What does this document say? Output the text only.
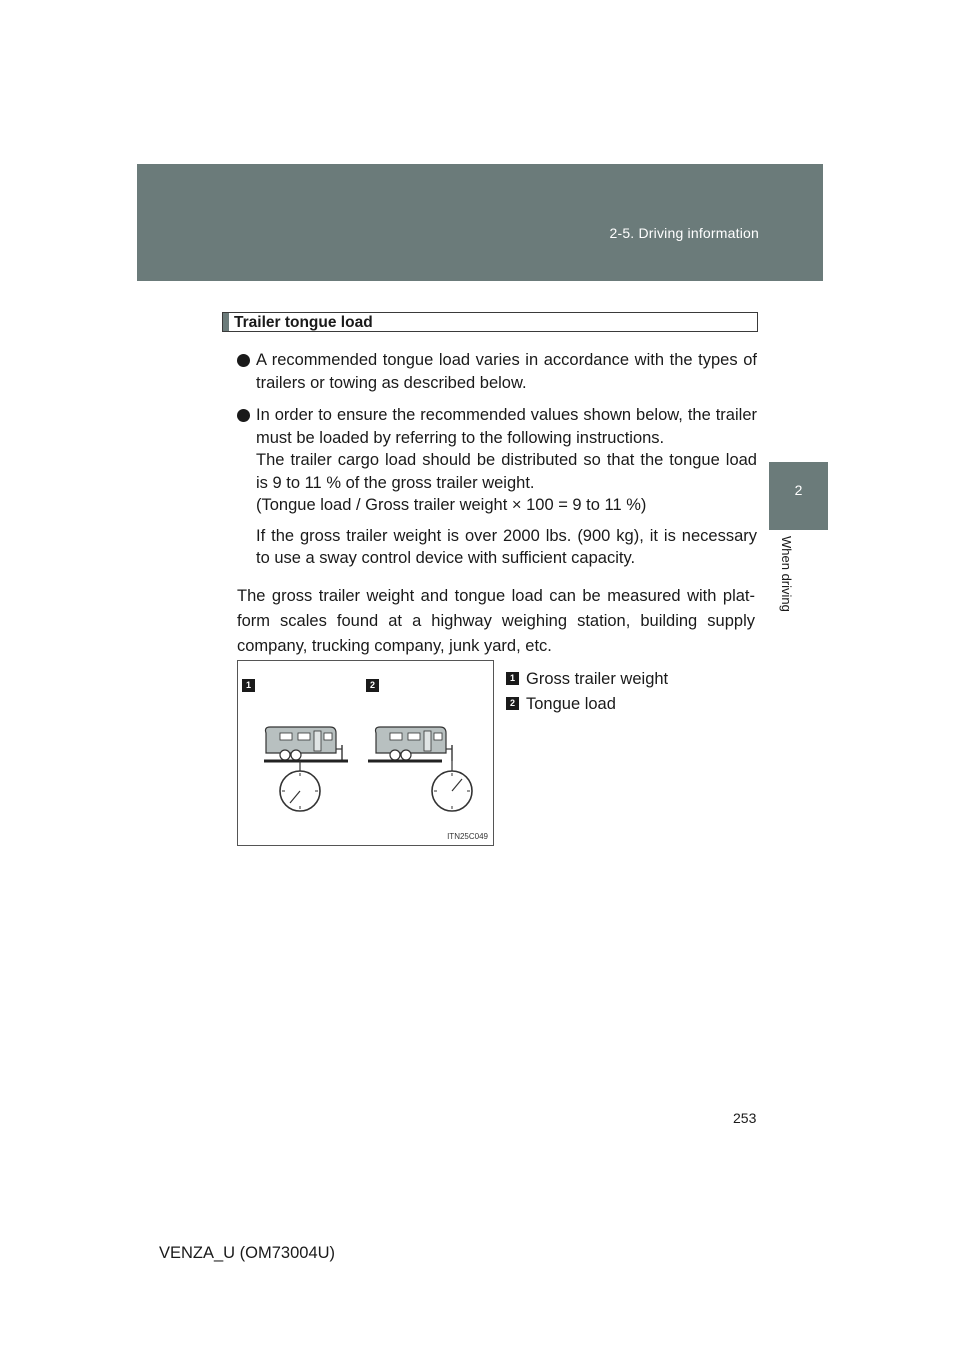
2-5. Driving information
2
When driving
Trailer tongue load
A recommended tongue load varies in accordance with the types of trailers or towing as described below.
In order to ensure the recommended values shown below, the trailer must be loaded by referring to the following instructions.
The trailer cargo load should be distributed so that the tongue load is 9 to 11 % of the gross trailer weight.
(Tongue load / Gross trailer weight × 100 = 9 to 11 %)
If the gross trailer weight is over 2000 lbs. (900 kg), it is necessary to use a sway control device with sufficient capacity.

The gross trailer weight and tongue load can be measured with plat-form scales found at a highway weighing station, building supply company, trucking company, junk yard, etc.

1	2
ITN25C049
1 Gross trailer weight
2 Tongue load
253
VENZA_U (OM73004U)
